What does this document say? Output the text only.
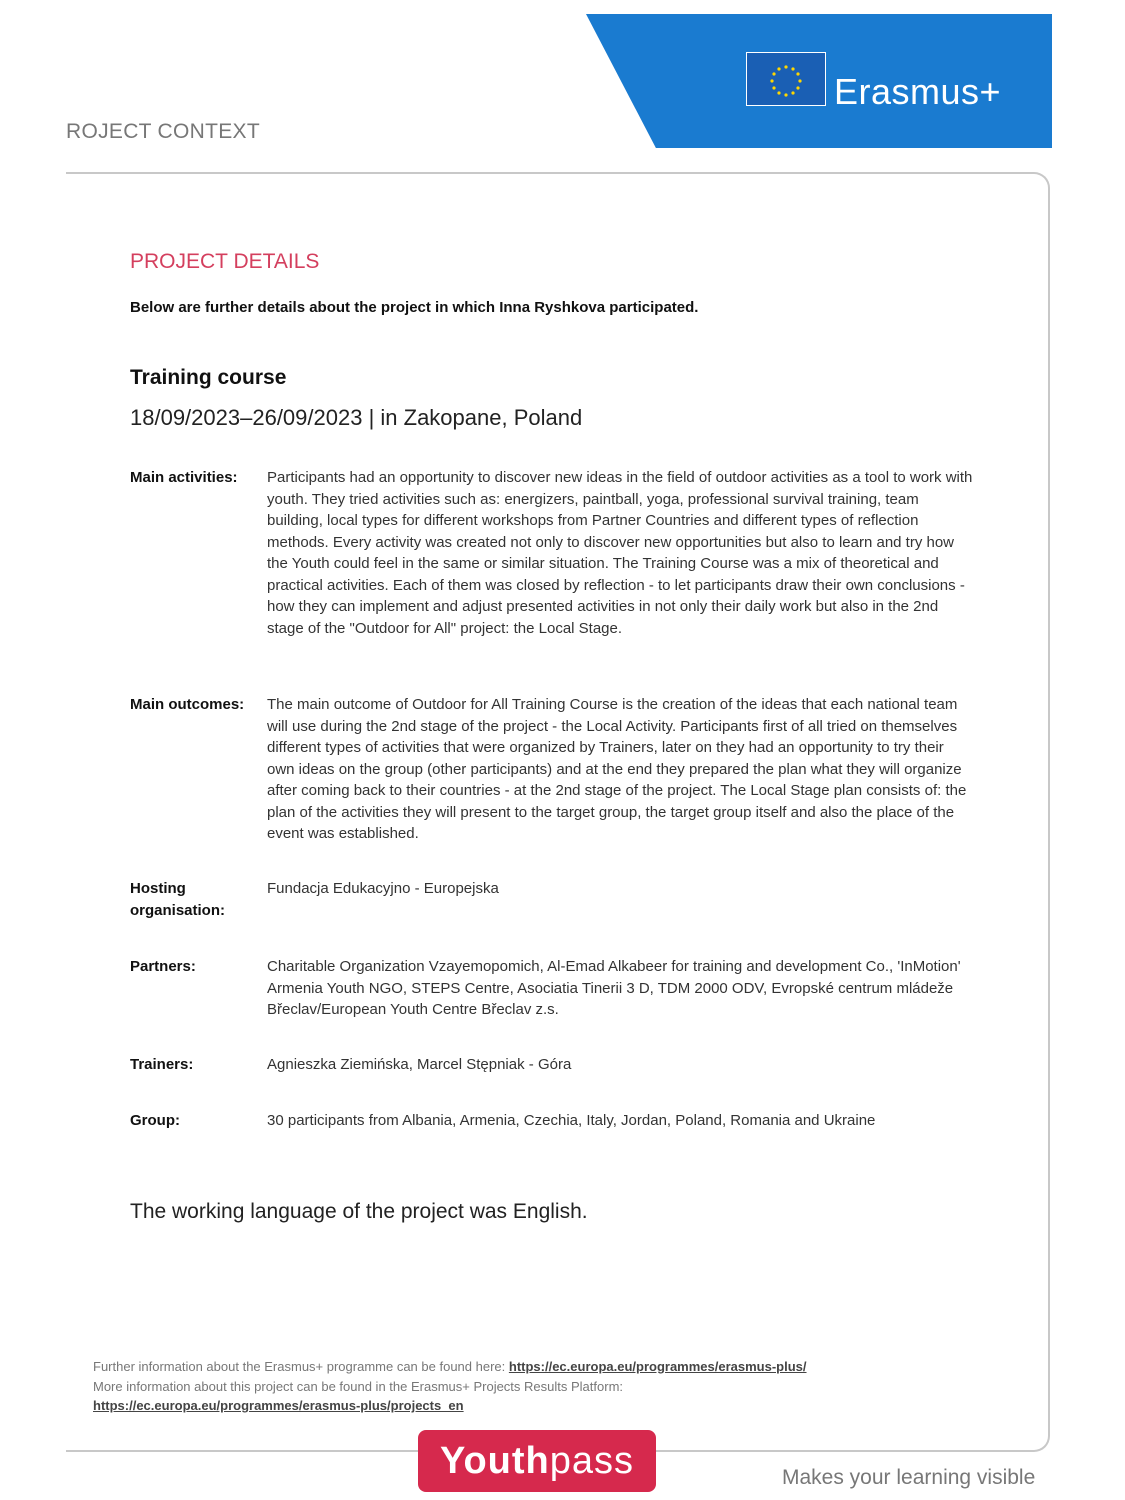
Erasmus+
ROJECT CONTEXT
PROJECT DETAILS
Below are further details about the project in which Inna Ryshkova participated.
Training course
18/09/2023–26/09/2023 | in Zakopane, Poland
Main activities:	Participants had an opportunity to discover new ideas in the field of outdoor activities as a tool to work with youth. They tried activities such as: energizers, paintball, yoga, professional survival training, team building, local types for different workshops from Partner Countries and different types of reflection methods. Every activity was created not only to discover new opportunities but also to learn and try how the Youth could feel in the same or similar situation. The Training Course was a mix of theoretical and practical activities. Each of them was closed by reflection - to let participants draw their own conclusions - how they can implement and adjust presented activities in not only their daily work but also in the 2nd stage of the "Outdoor for All" project: the Local Stage.
Main outcomes:	The main outcome of Outdoor for All Training Course is the creation of the ideas that each national team will use during the 2nd stage of the project - the Local Activity. Participants first of all tried on themselves different types of activities that were organized by Trainers, later on they had an opportunity to try their own ideas on the group (other participants) and at the end they prepared the plan what they will organize after coming back to their countries - at the 2nd stage of the project. The Local Stage plan consists of: the plan of the activities they will present to the target group, the target group itself and also the place of the event was established.
Hosting organisation:
Fundacja Edukacyjno - Europejska
Partners:	Charitable Organization Vzayemopomich, Al-Emad Alkabeer for training and development Co., 'InMotion' Armenia Youth NGO, STEPS Centre, Asociatia Tinerii 3 D, TDM 2000 ODV, Evropské centrum mládeže Břeclav/European Youth Centre Břeclav z.s.
Trainers:	Agnieszka Ziemińska, Marcel Stępniak - Góra
Group:	30 participants from Albania, Armenia, Czechia, Italy, Jordan, Poland, Romania and Ukraine
The working language of the project was English.
Further information about the Erasmus+ programme can be found here: https://ec.europa.eu/programmes/erasmus-plus/
More information about this project can be found in the Erasmus+ Projects Results Platform:
https://ec.europa.eu/programmes/erasmus-plus/projects_en
Youthpass	Makes your learning visible
